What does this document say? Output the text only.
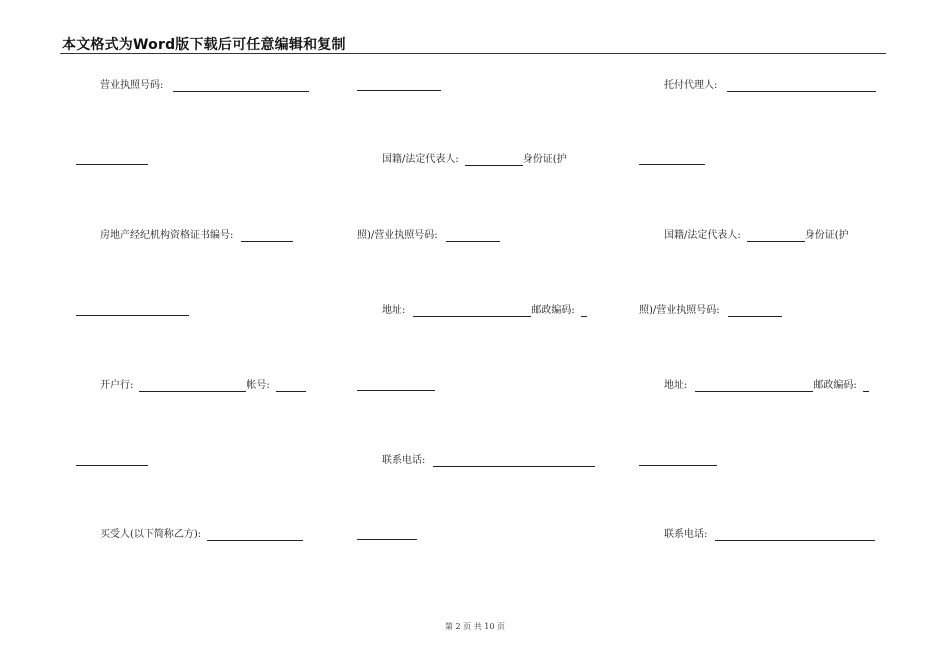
本文格式为Word版下载后可任意编辑和复制
营业执照号码:
房地产经纪机构资格证书编号:
开户行:	帐号:
买受人(以下简称乙方):
国籍/法定代表人:	身份证(护
照)/营业执照号码:
地址:	邮政编码:
联系电话:
托付代理人:
国籍/法定代表人:	身份证(护
照)/营业执照号码:
地址:	邮政编码:
联系电话:
第 2 页 共 10 页
